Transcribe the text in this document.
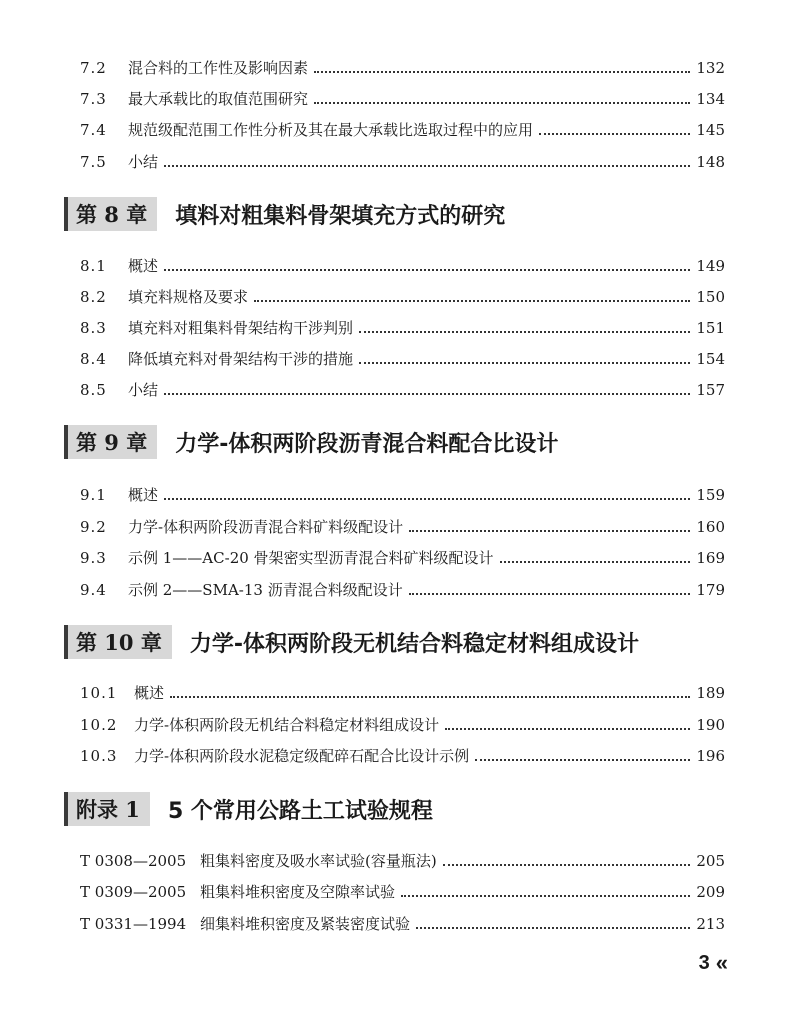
7.2	混合料的工作性及影响因素	132
7.3	最大承载比的取值范围研究	134
7.4	规范级配范围工作性分析及其在最大承载比选取过程中的应用	145
7.5	小结	148
第 8 章	填料对粗集料骨架填充方式的研究
8.1	概述	149
8.2	填充料规格及要求	150
8.3	填充料对粗集料骨架结构干涉判别	151
8.4	降低填充料对骨架结构干涉的措施	154
8.5	小结	157
第 9 章	力学-体积两阶段沥青混合料配合比设计
9.1	概述	159
9.2	力学-体积两阶段沥青混合料矿料级配设计	160
9.3	示例 1——AC-20 骨架密实型沥青混合料矿料级配设计	169
9.4	示例 2——SMA-13 沥青混合料级配设计	179
第 10 章	力学-体积两阶段无机结合料稳定材料组成设计
10.1	概述	189
10.2	力学-体积两阶段无机结合料稳定材料组成设计	190
10.3	力学-体积两阶段水泥稳定级配碎石配合比设计示例	196
附录 1	5 个常用公路土工试验规程
T 0308—2005 粗集料密度及吸水率试验(容量瓶法)	205
T 0309—2005 粗集料堆积密度及空隙率试验	209
T 0331—1994 细集料堆积密度及紧装密度试验	213
3 «
